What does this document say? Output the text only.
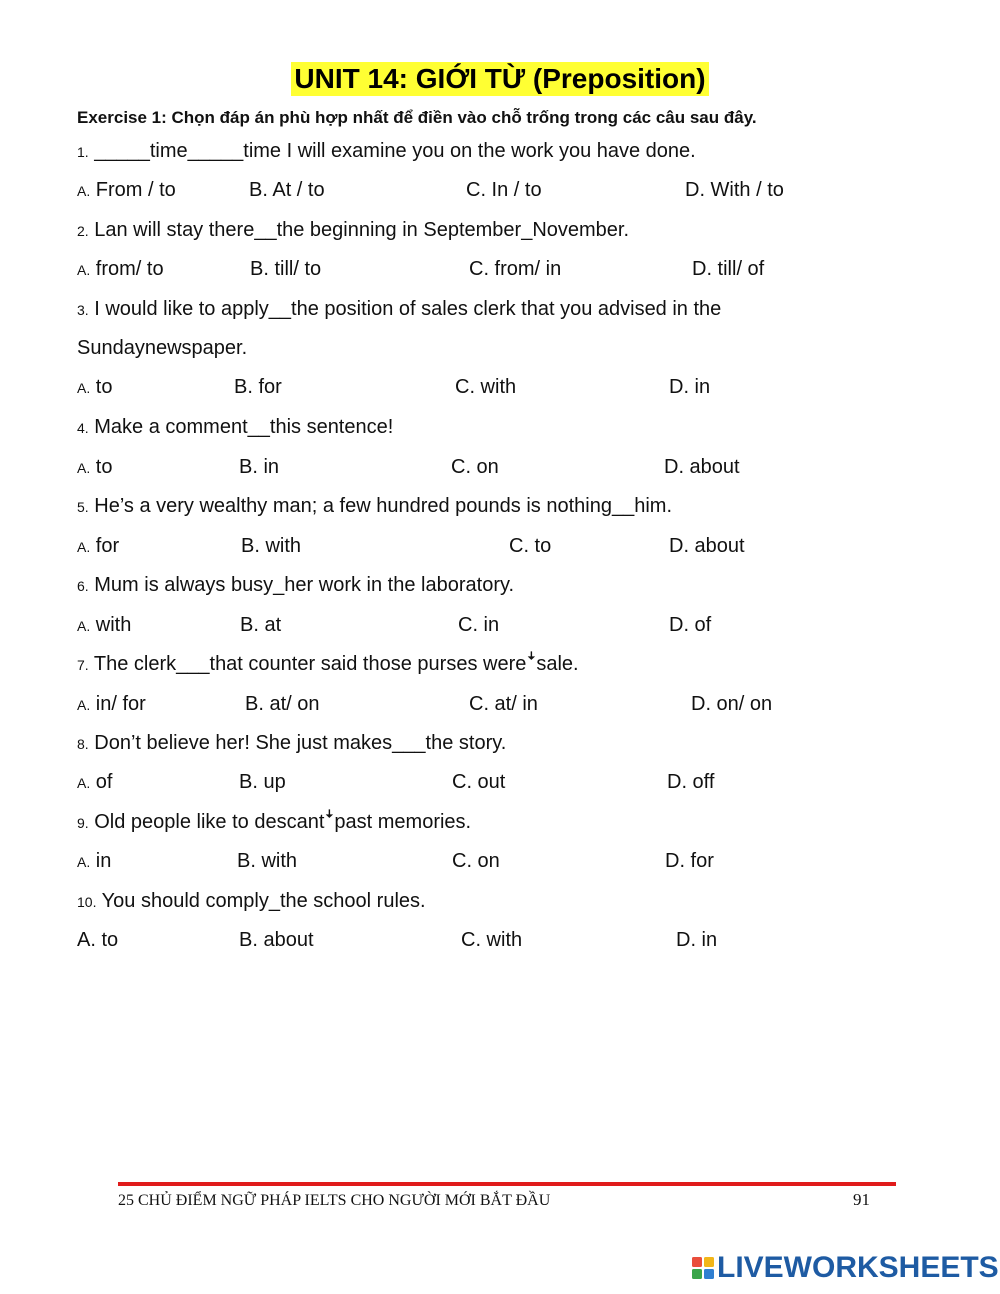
UNIT 14: GIỚI TỪ (Preposition)
Exercise 1: Chọn đáp án phù hợp nhất để điền vào chỗ trống trong các câu sau đây.
1. _____time_____time I will examine you on the work you have done.
A. From / to	B. At / to	C. In / to	D. With / to
2. Lan will stay there__the beginning in September_November.
A. from/ to	B. till/ to	C. from/ in	D. till/ of
3. I would like to apply__the position of sales clerk that you advised in the
Sundaynewspaper.
A. to	B. for	C. with	D. in
4. Make a comment__this sentence!
A. to	B. in	C. on	D. about
5. He’s a very wealthy man; a few hundred pounds is nothing__him.
A. for	B. with	C. to	D. about
6. Mum is always busy_her work in the laboratory.
A. with	B. at	C. in	D. of
7. The clerk___that counter said those purses wereꜜsale.
A. in/ for	B. at/ on	C. at/ in	D. on/ on
8. Don’t believe her! She just makes___the story.
A. of	B. up	C. out	D. off
9. Old people like to descantꜜpast memories.
A. in	B. with	C. on	D. for
10. You should comply_the school rules.
A. to	B. about	C. with	D. in
25 CHỦ ĐIỂM NGỮ PHÁP IELTS CHO NGƯỜI MỚI BẮT ĐẦU	91
LIVEWORKSHEETS
